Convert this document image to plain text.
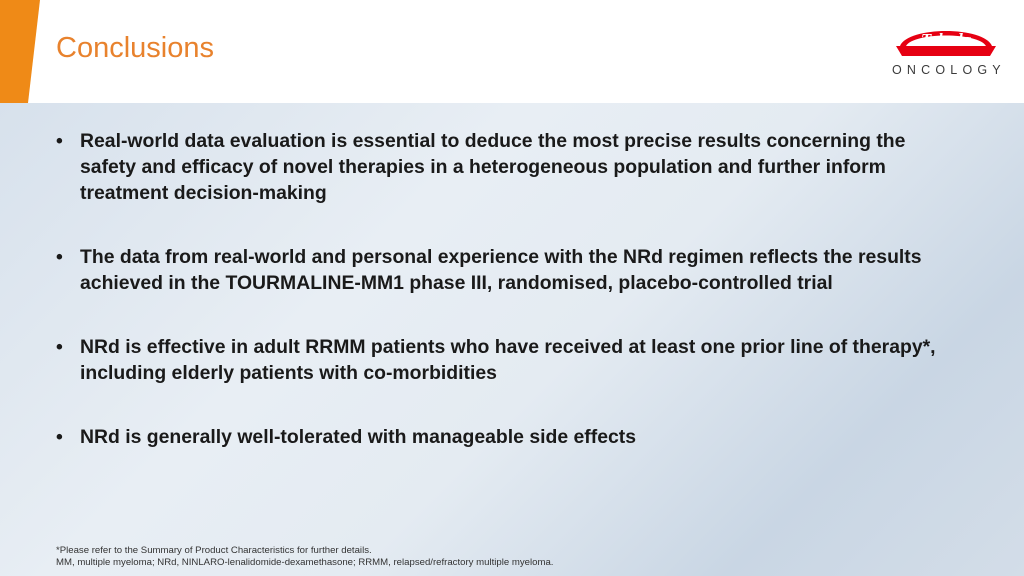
Conclusions	Takeda
ONCOLOGY
• Real-world data evaluation is essential to deduce the most precise results concerning the safety and efficacy of novel therapies in a heterogeneous population and further inform treatment decision-making
• The data from real-world and personal experience with the NRd regimen reflects the results achieved in the TOURMALINE-MM1 phase III, randomised, placebo-controlled trial
• NRd is effective in adult RRMM patients who have received at least one prior line of therapy*, including elderly patients with co-morbidities
• NRd is generally well-tolerated with manageable side effects
*Please refer to the Summary of Product Characteristics for further details.
MM, multiple myeloma; NRd, NINLARO-lenalidomide-dexamethasone; RRMM, relapsed/refractory multiple myeloma.
